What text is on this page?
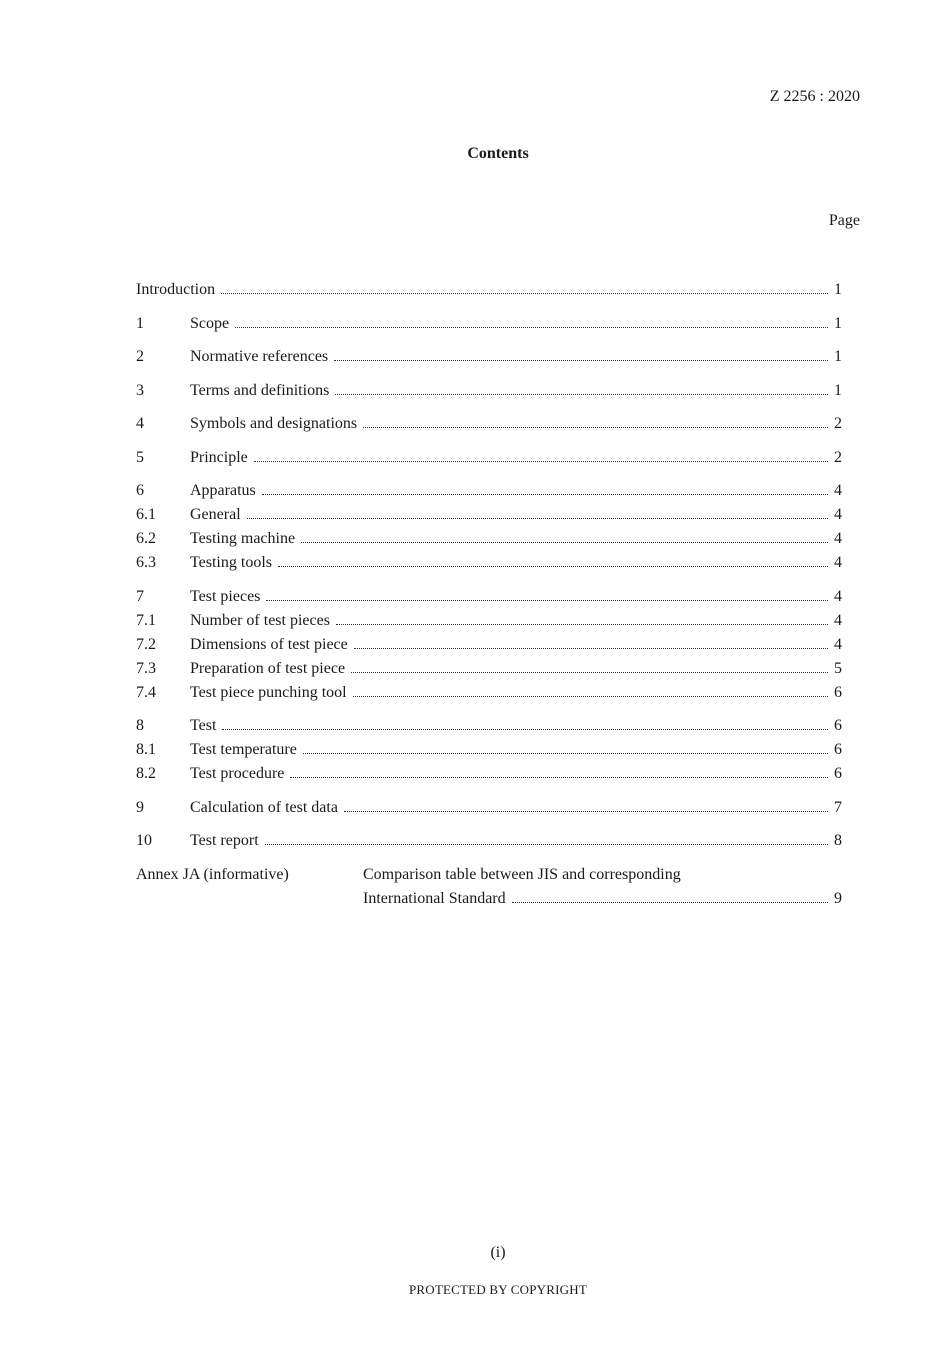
Z 2256 : 2020
Contents
Page
Introduction	1
1	Scope	1
2	Normative references	1
3	Terms and definitions	1
4	Symbols and designations	2
5	Principle	2
6	Apparatus	4
6.1	General	4
6.2	Testing machine	4
6.3	Testing tools	4
7	Test pieces	4
7.1	Number of test pieces	4
7.2	Dimensions of test piece	4
7.3	Preparation of test piece	5
7.4	Test piece punching tool	6
8	Test	6
8.1	Test temperature	6
8.2	Test procedure	6
9	Calculation of test data	7
10	Test report	8
Annex JA (informative)	Comparison table between JIS and corresponding
International Standard	9
(i)
PROTECTED BY COPYRIGHT
